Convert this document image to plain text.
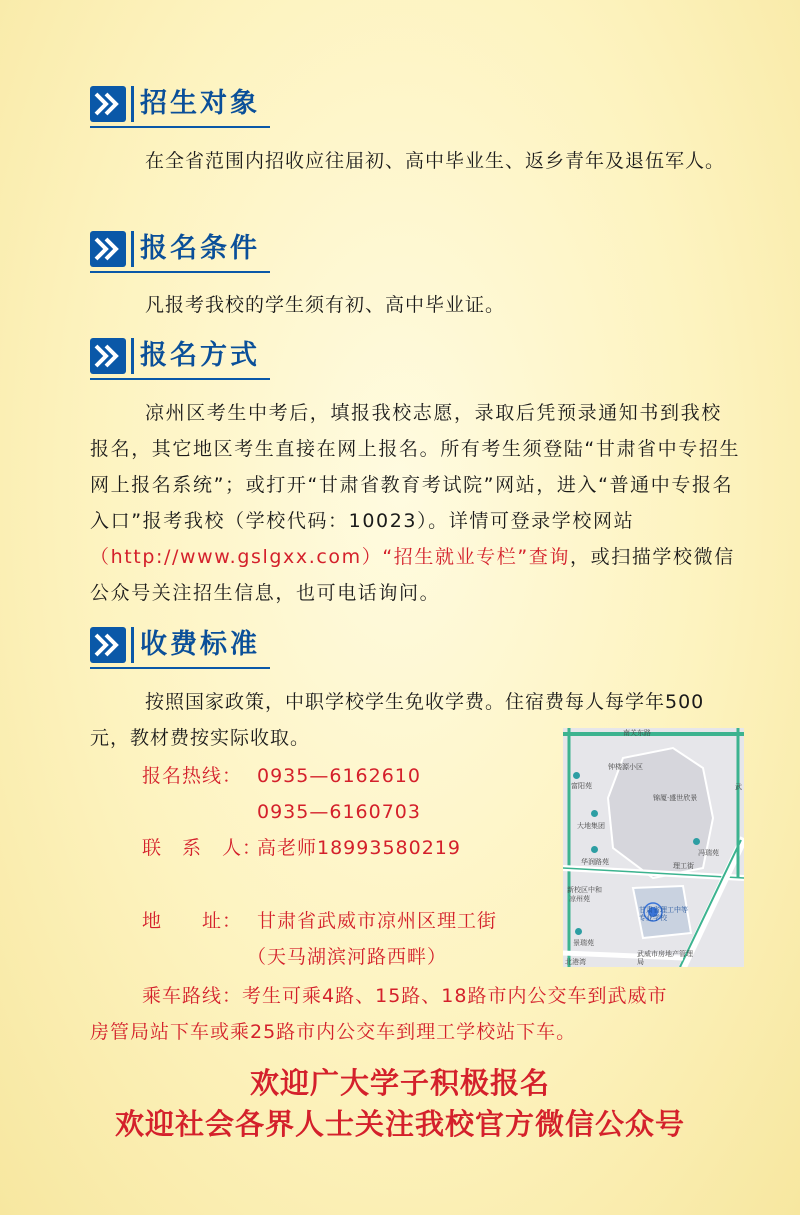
招生对象

在全省范围内招收应往届初、高中毕业生、返乡青年及退伍军人。

报名条件

凡报考我校的学生须有初、高中毕业证。

报名方式

凉州区考生中考后，填报我校志愿，录取后凭预录通知书到我校报名，其它地区考生直接在网上报名。所有考生须登陆“甘肃省中专招生网上报名系统”；或打开“甘肃省教育考试院”网站，进入“普通中专报名入口”报考我校（学校代码：10023）。详情可登录学校网站（http://www.gslgxx.com）“招生就业专栏”查询，或扫描学校微信公众号关注招生信息，也可电话询问。

收费标准

按照国家政策，中职学校学生免收学费。住宿费每人每学年500元，教材费按实际收取。

报名热线： 0935—6162610
0935—6160703
联　系　人：
高老师18993580219
地　　址： 甘肃省武威市凉州区理工街
（天马湖滨河路西畔）
乘车路线：考生可乘4路、15路、18路市内公交车到武威市
房管局站下车或乘25路市内公交车到理工学校站下车。
南关东路
钟楼源小区
富阳苑
锦厦·盛世欣景
大地集团
华润路苑
冯瑞苑
理工街
新校区中和
凉州苑
甘肃省理工中等专业学校
景瑞苑
武威市房地产管理局
北港湾
武
欢迎广大学子积极报名
欢迎社会各界人士关注我校官方微信公众号
